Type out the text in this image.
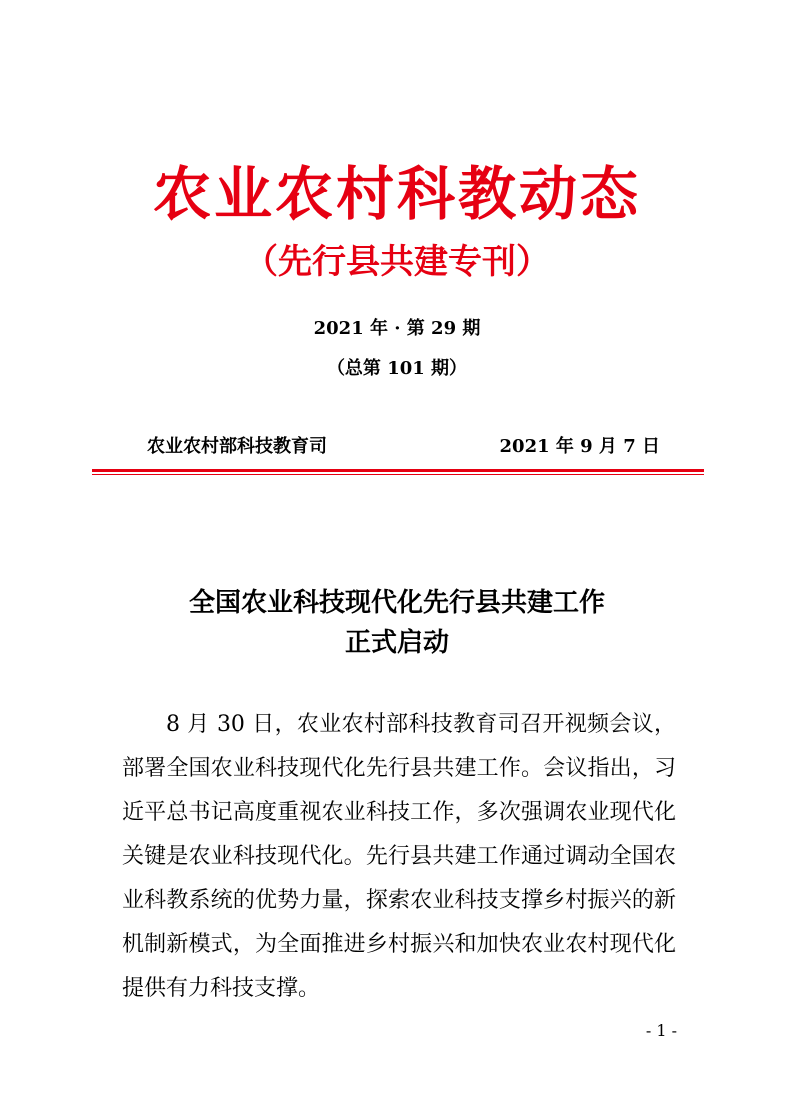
农业农村科教动态
（先行县共建专刊）
2021 年 · 第 29 期
（总第 101 期）
农业农村部科技教育司	2021 年 9 月 7 日
全国农业科技现代化先行县共建工作
正式启动

8 月 30 日，农业农村部科技教育司召开视频会议，部署全国农业科技现代化先行县共建工作。会议指出，习近平总书记高度重视农业科技工作，多次强调农业现代化关键是农业科技现代化。先行县共建工作通过调动全国农业科教系统的优势力量，探索农业科技支撑乡村振兴的新机制新模式，为全面推进乡村振兴和加快农业农村现代化提供有力科技支撑。

- 1 -
